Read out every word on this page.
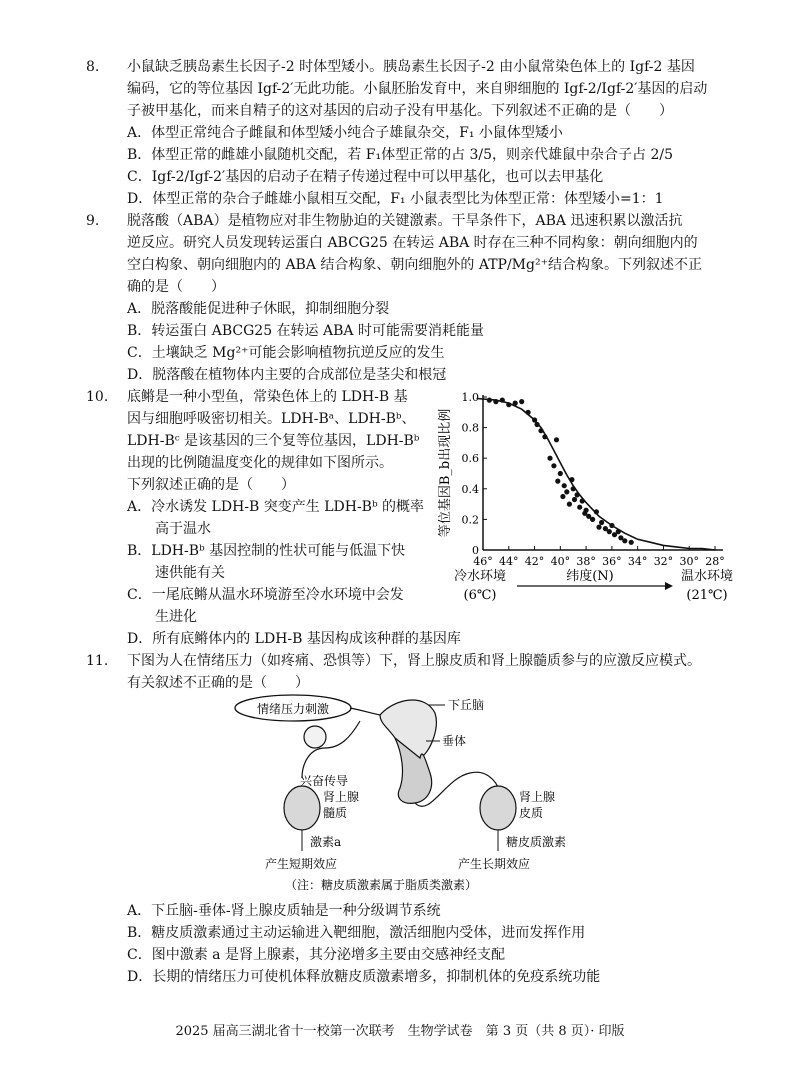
8. 小鼠缺乏胰岛素生长因子-2 时体型矮小。胰岛素生长因子-2 由小鼠常染色体上的 Igf-2 基因
编码，它的等位基因 Igf-2′无此功能。小鼠胚胎发育中，来自卵细胞的 Igf-2/Igf-2′基因的启动
子被甲基化，而来自精子的这对基因的启动子没有甲基化。下列叙述不正确的是（　　）
A．体型正常纯合子雌鼠和体型矮小纯合子雄鼠杂交，F₁ 小鼠体型矮小
B．体型正常的雌雄小鼠随机交配，若 F₁体型正常的占 3/5，则亲代雄鼠中杂合子占 2/5
C．Igf-2/Igf-2′基因的启动子在精子传递过程中可以甲基化，也可以去甲基化
D．体型正常的杂合子雌雄小鼠相互交配，F₁ 小鼠表型比为体型正常：体型矮小=1：1
9. 脱落酸（ABA）是植物应对非生物胁迫的关键激素。干旱条件下，ABA 迅速积累以激活抗
逆反应。研究人员发现转运蛋白 ABCG25 在转运 ABA 时存在三种不同构象：朝向细胞内的
空白构象、朝向细胞内的 ABA 结合构象、朝向细胞外的 ATP/Mg²⁺结合构象。下列叙述不正
确的是（　　）
A．脱落酸能促进种子休眠，抑制细胞分裂
B．转运蛋白 ABCG25 在转运 ABA 时可能需要消耗能量
C．土壤缺乏 Mg²⁺可能会影响植物抗逆反应的发生
D．脱落酸在植物体内主要的合成部位是茎尖和根冠
10. 底鳉是一种小型鱼，常染色体上的 LDH-B 基
因与细胞呼吸密切相关。LDH-Bᵃ、LDH-Bᵇ、
LDH-Bᶜ 是该基因的三个复等位基因，LDH-Bᵇ
出现的比例随温度变化的规律如下图所示。
下列叙述正确的是（　　）
A．冷水诱发 LDH-B 突变产生 LDH-Bᵇ 的概率
　　高于温水
B．LDH-Bᵇ 基因控制的性状可能与低温下快
　　速供能有关
C．一尾底鳉从温水环境游至冷水环境中会发
　　生进化
D．所有底鳉体内的 LDH-B 基因构成该种群的基因库
等位基因B_b出现比例
0
0.2
0.4
0.6
0.8
1.0
46° 44° 42° 40° 38° 36° 34° 32° 30° 28°
纬度(N)
冷水环境
(6℃)
温水环境
(21℃)
11. 下图为人在情绪压力（如疼痛、恐惧等）下，肾上腺皮质和肾上腺髓质参与的应激反应模式。
有关叙述不正确的是（　　）
情绪压力刺激	下丘脑
垂体
兴奋传导
肾上腺
髓质
激素a
产生短期效应
肾上腺
皮质
糖皮质激素
产生长期效应
（注：糖皮质激素属于脂质类激素）
A．下丘脑-垂体-肾上腺皮质轴是一种分级调节系统
B．糖皮质激素通过主动运输进入靶细胞，激活细胞内受体，进而发挥作用
C．图中激素 a 是肾上腺素，其分泌增多主要由交感神经支配
D．长期的情绪压力可使机体释放糖皮质激素增多，抑制机体的免疫系统功能
2025 届高三湖北省十一校第一次联考　生物学试卷　第 3 页（共 8 页）· 印版
